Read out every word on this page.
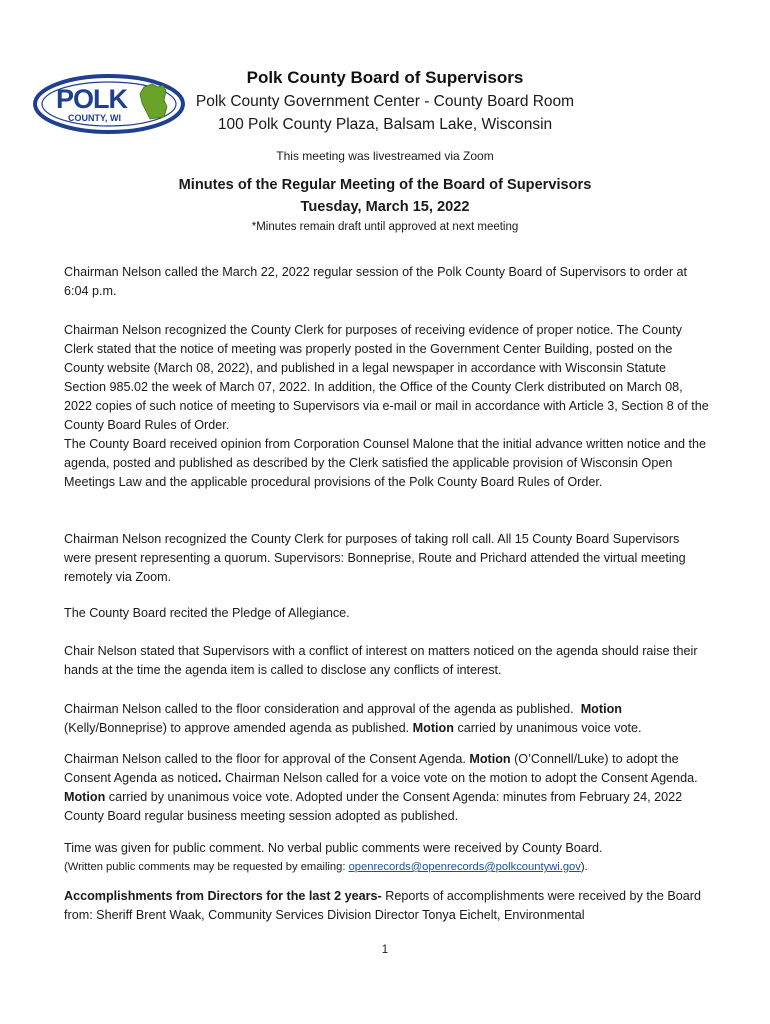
POLK
COUNTY, WI
Polk County Board of Supervisors
Polk County Government Center - County Board Room
100 Polk County Plaza, Balsam Lake, Wisconsin
This meeting was livestreamed via Zoom
Minutes of the Regular Meeting of the Board of Supervisors
Tuesday, March 15, 2022
*Minutes remain draft until approved at next meeting

Chairman Nelson called the March 22, 2022 regular session of the Polk County Board of Supervisors to order at 6:04 p.m.

Chairman Nelson recognized the County Clerk for purposes of receiving evidence of proper notice. The County Clerk stated that the notice of meeting was properly posted in the Government Center Building, posted on the County website (March 08, 2022), and published in a legal newspaper in accordance with Wisconsin Statute Section 985.02 the week of March 07, 2022. In addition, the Office of the County Clerk distributed on March 08, 2022 copies of such notice of meeting to Supervisors via e-mail or mail in accordance with Article 3, Section 8 of the County Board Rules of Order.

The County Board received opinion from Corporation Counsel Malone that the initial advance written notice and the agenda, posted and published as described by the Clerk satisfied the applicable provision of Wisconsin Open Meetings Law and the applicable procedural provisions of the Polk County Board Rules of Order.

Chairman Nelson recognized the County Clerk for purposes of taking roll call. All 15 County Board Supervisors were present representing a quorum. Supervisors: Bonneprise, Route and Prichard attended the virtual meeting remotely via Zoom.

The County Board recited the Pledge of Allegiance.

Chair Nelson stated that Supervisors with a conflict of interest on matters noticed on the agenda should raise their hands at the time the agenda item is called to disclose any conflicts of interest.

Chairman Nelson called to the floor consideration and approval of the agenda as published. Motion (Kelly/Bonneprise) to approve amended agenda as published. Motion carried by unanimous voice vote.

Chairman Nelson called to the floor for approval of the Consent Agenda. Motion (O’Connell/Luke) to adopt the Consent Agenda as noticed. Chairman Nelson called for a voice vote on the motion to adopt the Consent Agenda. Motion carried by unanimous voice vote. Adopted under the Consent Agenda: minutes from February 24, 2022 County Board regular business meeting session adopted as published.

Time was given for public comment. No verbal public comments were received by County Board.

(Written public comments may be requested by emailing: openrecords@openrecords@polkcountywi.gov).

Accomplishments from Directors for the last 2 years- Reports of accomplishments were received by the Board from: Sheriff Brent Waak, Community Services Division Director Tonya Eichelt, Environmental

1
